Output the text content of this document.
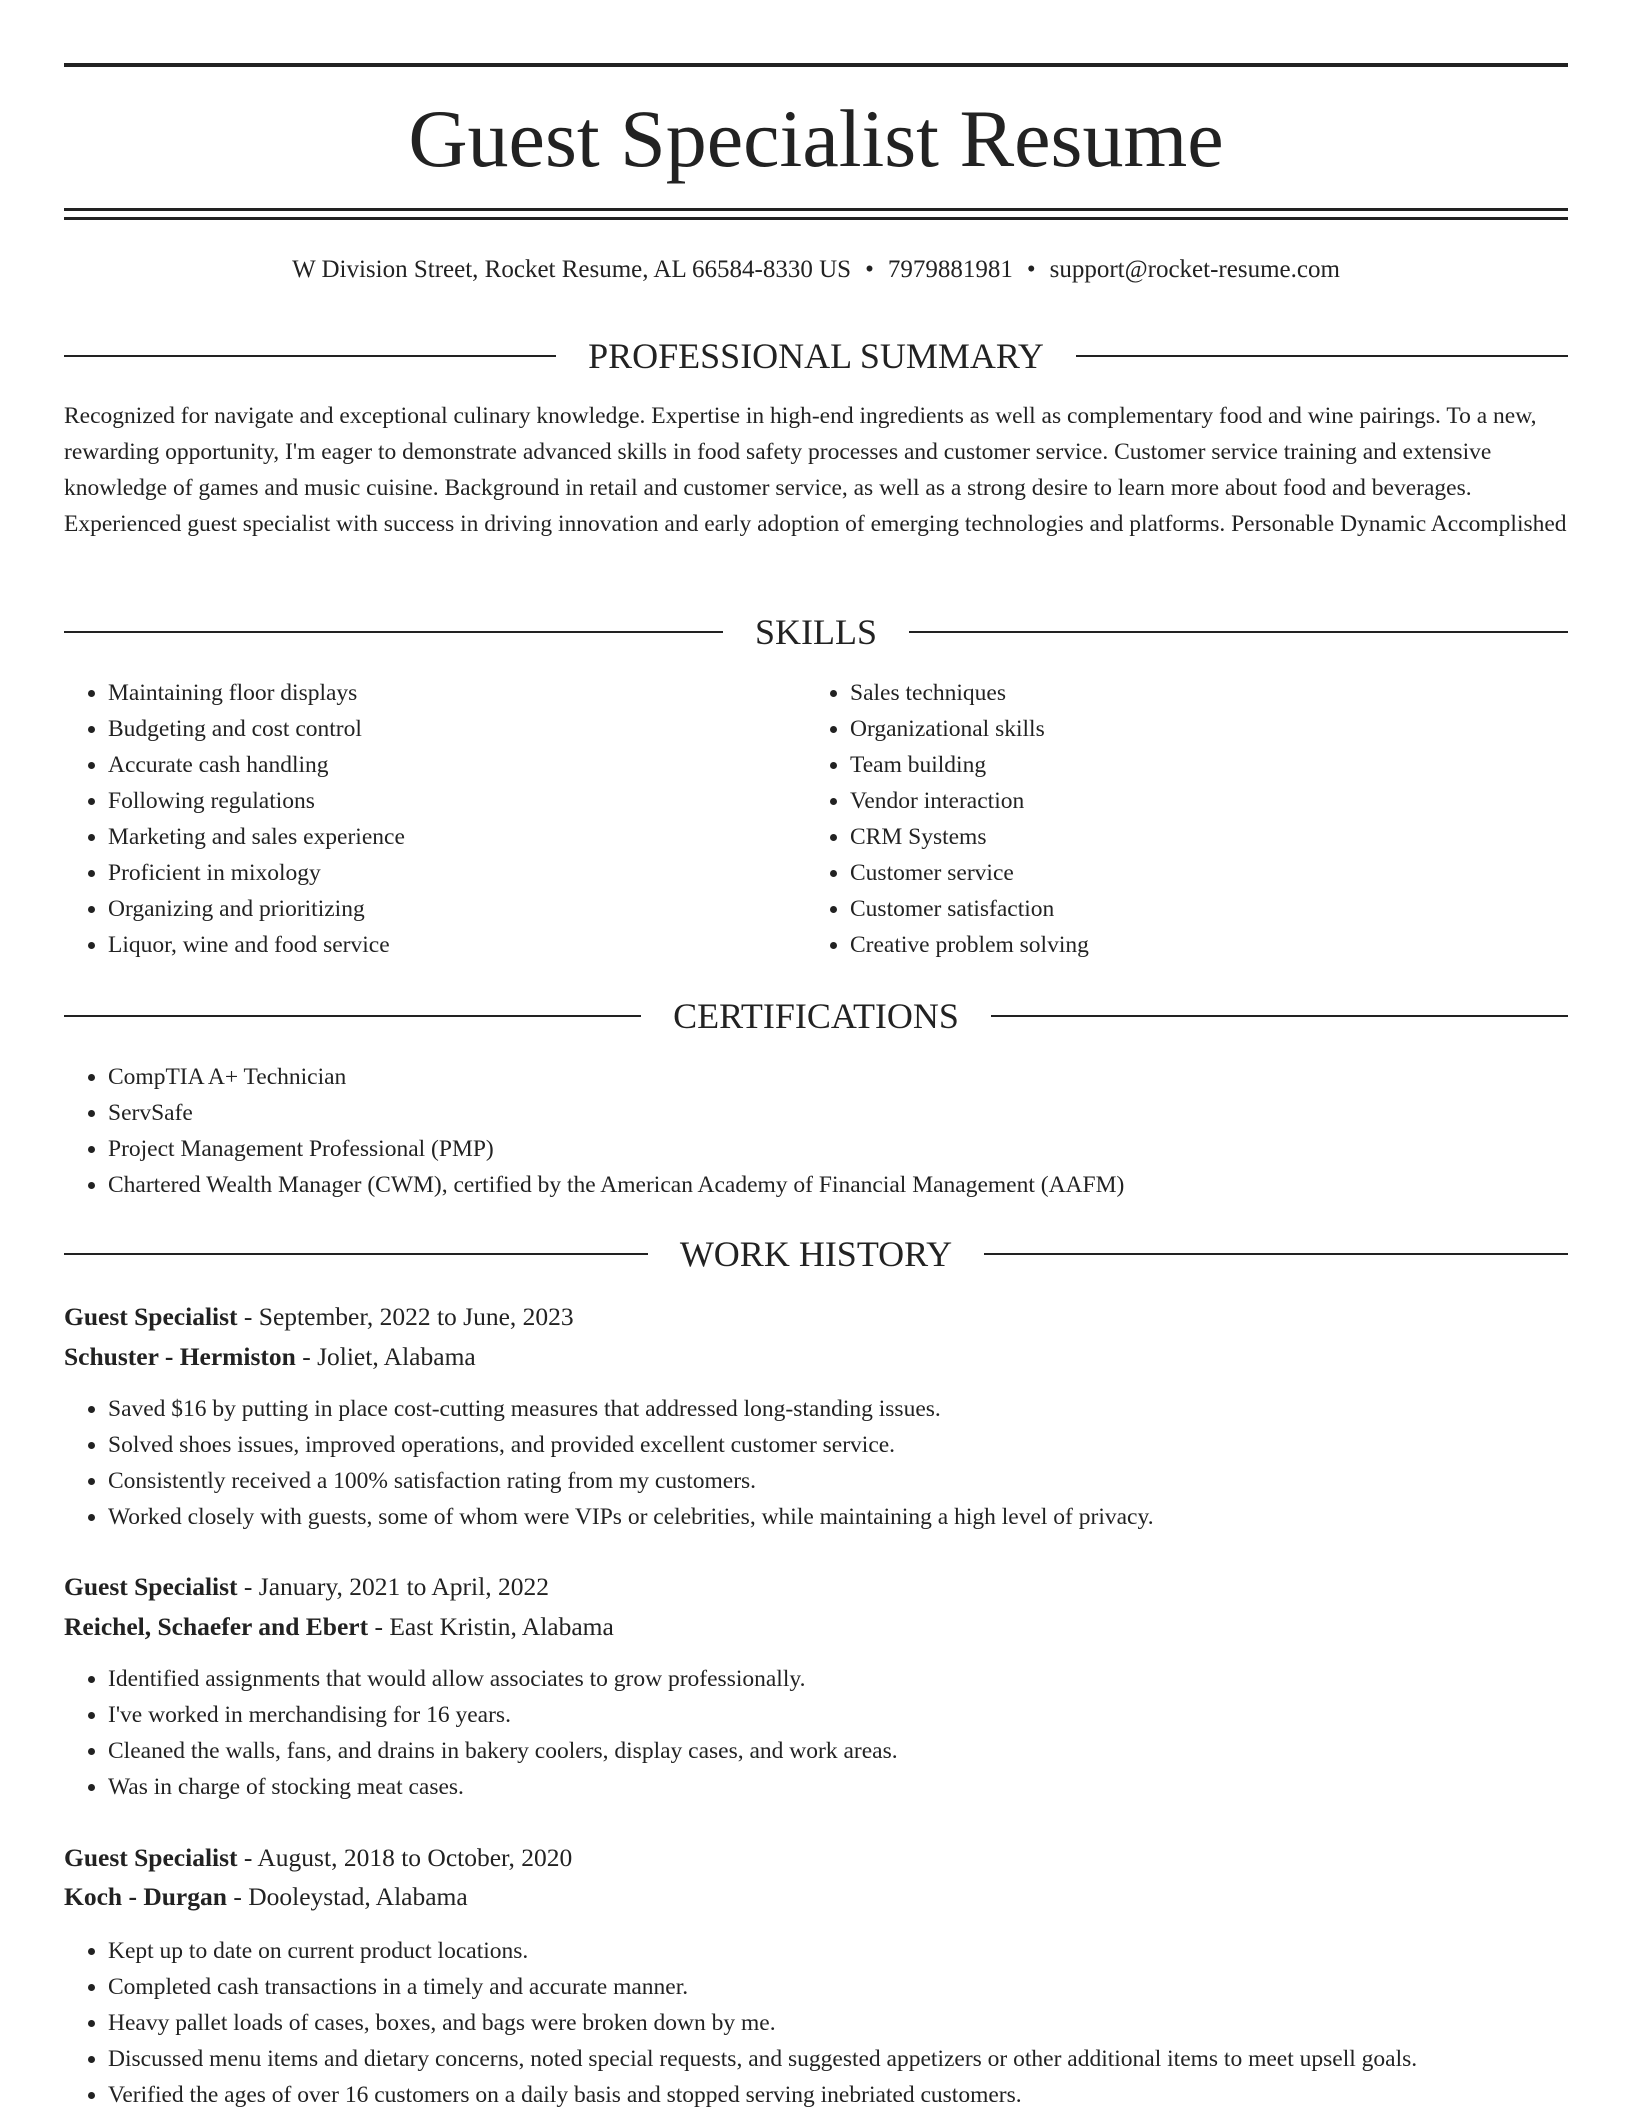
Guest Specialist Resume
W Division Street, Rocket Resume, AL 66584-8330 US • 7979881981 • support@rocket-resume.com
PROFESSIONAL SUMMARY

Recognized for navigate and exceptional culinary knowledge. Expertise in high-end ingredients as well as complementary food and wine pairings. To a new, rewarding opportunity, I'm eager to demonstrate advanced skills in food safety processes and customer service. Customer service training and extensive knowledge of games and music cuisine. Background in retail and customer service, as well as a strong desire to learn more about food and beverages. Experienced guest specialist with success in driving innovation and early adoption of emerging technologies and platforms. Personable Dynamic Accomplished

SKILLS
• Maintaining floor displays
• Budgeting and cost control
• Accurate cash handling
• Following regulations
• Marketing and sales experience
• Proficient in mixology
• Organizing and prioritizing
• Liquor, wine and food service
• Sales techniques
• Organizational skills
• Team building
• Vendor interaction
• CRM Systems
• Customer service
• Customer satisfaction
• Creative problem solving
CERTIFICATIONS
• CompTIA A+ Technician
• ServSafe
• Project Management Professional (PMP)
• Chartered Wealth Manager (CWM), certified by the American Academy of Financial Management (AAFM)
WORK HISTORY
Guest Specialist - September, 2022 to June, 2023
Schuster - Hermiston - Joliet, Alabama
• Saved $16 by putting in place cost-cutting measures that addressed long-standing issues.
• Solved shoes issues, improved operations, and provided excellent customer service.
• Consistently received a 100% satisfaction rating from my customers.
• Worked closely with guests, some of whom were VIPs or celebrities, while maintaining a high level of privacy.
Guest Specialist - January, 2021 to April, 2022
Reichel, Schaefer and Ebert - East Kristin, Alabama
• Identified assignments that would allow associates to grow professionally.
• I've worked in merchandising for 16 years.
• Cleaned the walls, fans, and drains in bakery coolers, display cases, and work areas.
• Was in charge of stocking meat cases.
Guest Specialist - August, 2018 to October, 2020
Koch - Durgan - Dooleystad, Alabama
• Kept up to date on current product locations.
• Completed cash transactions in a timely and accurate manner.
• Heavy pallet loads of cases, boxes, and bags were broken down by me.
• Discussed menu items and dietary concerns, noted special requests, and suggested appetizers or other additional items to meet upsell goals.
• Verified the ages of over 16 customers on a daily basis and stopped serving inebriated customers.
